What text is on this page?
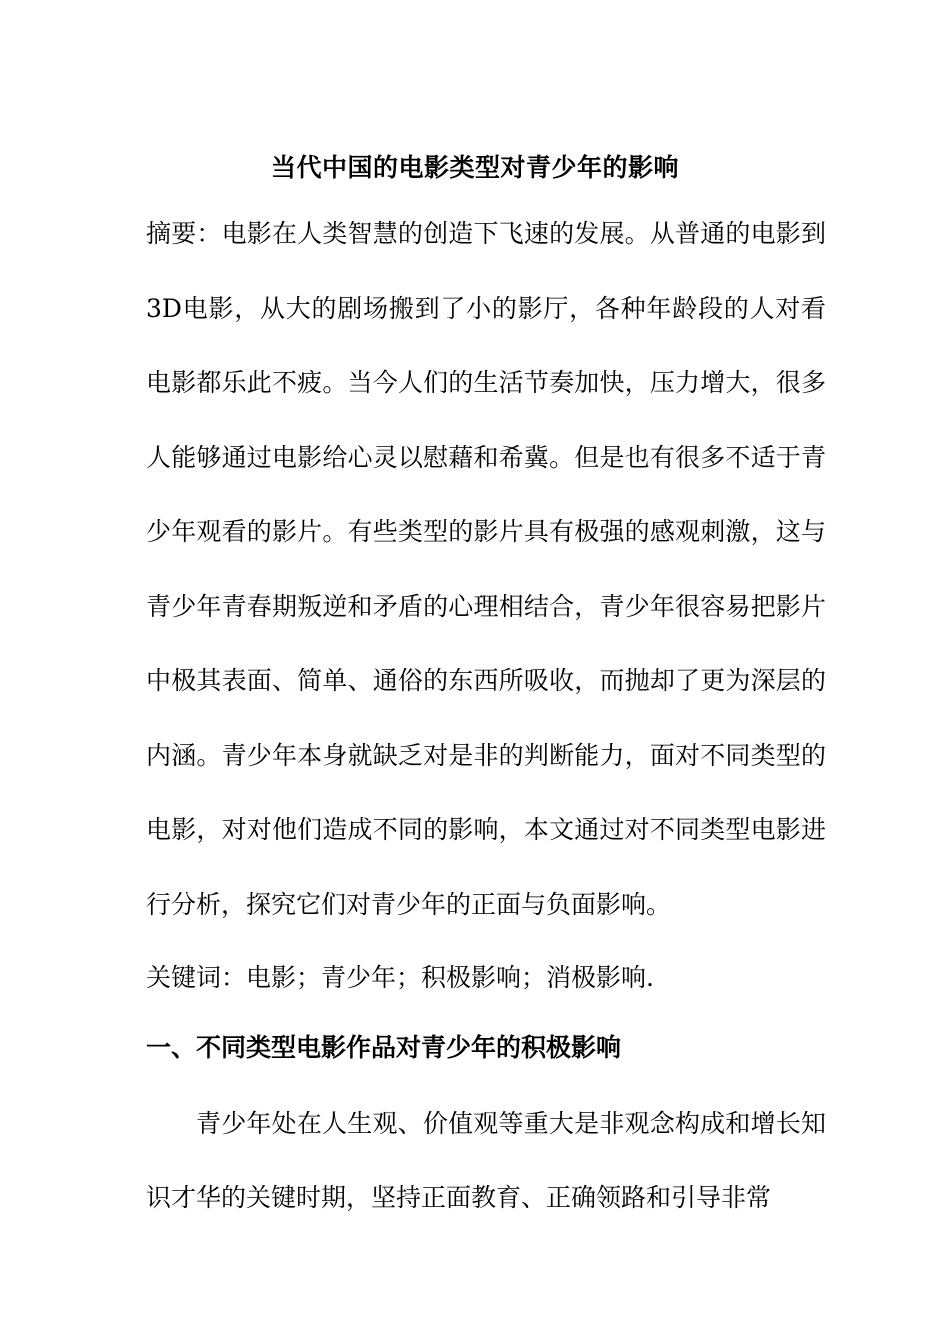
当代中国的电影类型对青少年的影响

摘要：电影在人类智慧的创造下飞速的发展。从普通的电影到3D电影，从大的剧场搬到了小的影厅，各种年龄段的人对看电影都乐此不疲。当今人们的生活节奏加快，压力增大，很多人能够通过电影给心灵以慰藉和希冀。但是也有很多不适于青少年观看的影片。有些类型的影片具有极强的感观刺激，这与青少年青春期叛逆和矛盾的心理相结合，青少年很容易把影片中极其表面、简单、通俗的东西所吸收，而抛却了更为深层的内涵。青少年本身就缺乏对是非的判断能力，面对不同类型的电影，对对他们造成不同的影响，本文通过对不同类型电影进行分析，探究它们对青少年的正面与负面影响。

关键词：电影；青少年；积极影响；消极影响.

一、不同类型电影作品对青少年的积极影响

青少年处在人生观、价值观等重大是非观念构成和增长知识才华的关键时期，坚持正面教育、正确领路和引导非常
